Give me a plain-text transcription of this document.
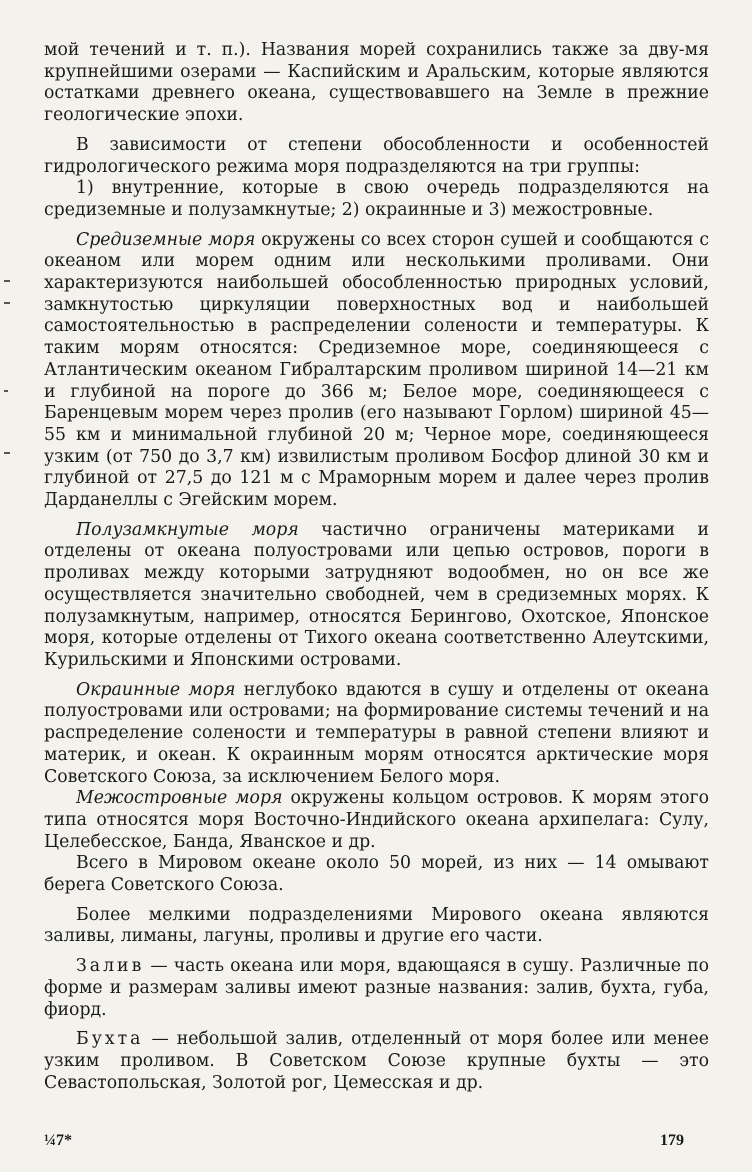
мой течений и т. п.). Названия морей сохранились также за дву-мя крупнейшими озерами — Каспийским и Аральским, которые являются остатками древнего океана, существовавшего на Земле в прежние геологические эпохи.

В зависимости от степени обособленности и особенностей гидрологического режима моря подразделяются на три группы:

1) внутренние, которые в свою очередь подразделяются на средиземные и полузамкнутые; 2) окраинные и 3) межостровные.

Средиземные моря окружены со всех сторон сушей и сообщаются с океаном или морем одним или несколькими проливами. Они характеризуются наибольшей обособленностью природных условий, замкнутостью циркуляции поверхностных вод и наибольшей самостоятельностью в распределении солености и температуры. К таким морям относятся: Средиземное море, соединяющееся с Атлантическим океаном Гибралтарским проливом шириной 14—21 км и глубиной на пороге до 366 м; Белое море, соединяющееся с Баренцевым морем через пролив (его называют Горлом) шириной 45—55 км и минимальной глубиной 20 м; Черное море, соединяющееся узким (от 750 до 3,7 км) извилистым проливом Босфор длиной 30 км и глубиной от 27,5 до 121 м с Мраморным морем и далее через пролив Дарданеллы с Эгейским морем.

Полузамкнутые моря частично ограничены материками и отделены от океана полуостровами или цепью островов, пороги в проливах между которыми затрудняют водообмен, но он все же осуществляется значительно свободней, чем в средиземных морях. К полузамкнутым, например, относятся Берингово, Охотское, Японское моря, которые отделены от Тихого океана соответственно Алеутскими, Курильскими и Японскими островами.

Окраинные моря неглубоко вдаются в сушу и отделены от океана полуостровами или островами; на формирование системы течений и на распределение солености и температуры в равной степени влияют и материк, и океан. К окраинным морям относятся арктические моря Советского Союза, за исключением Белого моря.

Межостровные моря окружены кольцом островов. К морям этого типа относятся моря Восточно-Индийского океана архипелага: Сулу, Целебесское, Банда, Яванское и др.

Всего в Мировом океане около 50 морей, из них — 14 омывают берега Советского Союза.

Более мелкими подразделениями Мирового океана являются заливы, лиманы, лагуны, проливы и другие его части.

Залив — часть океана или моря, вдающаяся в сушу. Различные по форме и размерам заливы имеют разные названия: залив, бухта, губа, фиорд.

Бухта — небольшой залив, отделенный от моря более или менее узким проливом. В Советском Союзе крупные бухты — это Севастопольская, Золотой рог, Цемесская и др.

¼7*	179
